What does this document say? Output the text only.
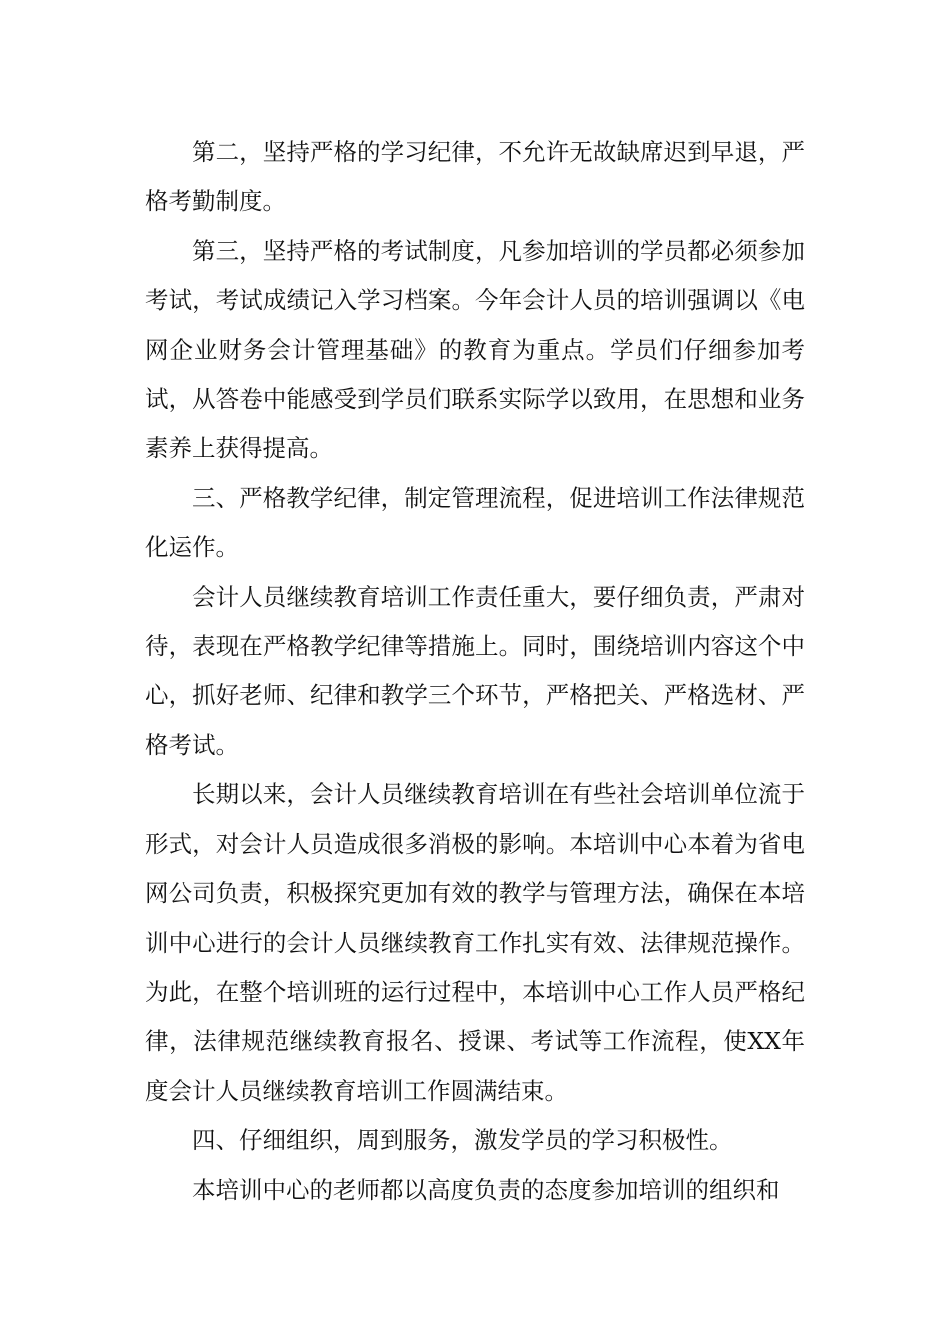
第二，坚持严格的学习纪律，不允许无故缺席迟到早退，严格考勤制度。

第三，坚持严格的考试制度，凡参加培训的学员都必须参加考试，考试成绩记入学习档案。今年会计人员的培训强调以《电网企业财务会计管理基础》的教育为重点。学员们仔细参加考试，从答卷中能感受到学员们联系实际学以致用，在思想和业务素养上获得提高。

三、严格教学纪律，制定管理流程，促进培训工作法律规范化运作。

会计人员继续教育培训工作责任重大，要仔细负责，严肃对待，表现在严格教学纪律等措施上。同时，围绕培训内容这个中心，抓好老师、纪律和教学三个环节，严格把关、严格选材、严格考试。

长期以来，会计人员继续教育培训在有些社会培训单位流于形式，对会计人员造成很多消极的影响。本培训中心本着为省电网公司负责，积极探究更加有效的教学与管理方法，确保在本培训中心进行的会计人员继续教育工作扎实有效、法律规范操作。为此，在整个培训班的运行过程中，本培训中心工作人员严格纪律，法律规范继续教育报名、授课、考试等工作流程，使XX年度会计人员继续教育培训工作圆满结束。

四、仔细组织，周到服务，激发学员的学习积极性。

本培训中心的老师都以高度负责的态度参加培训的组织和
